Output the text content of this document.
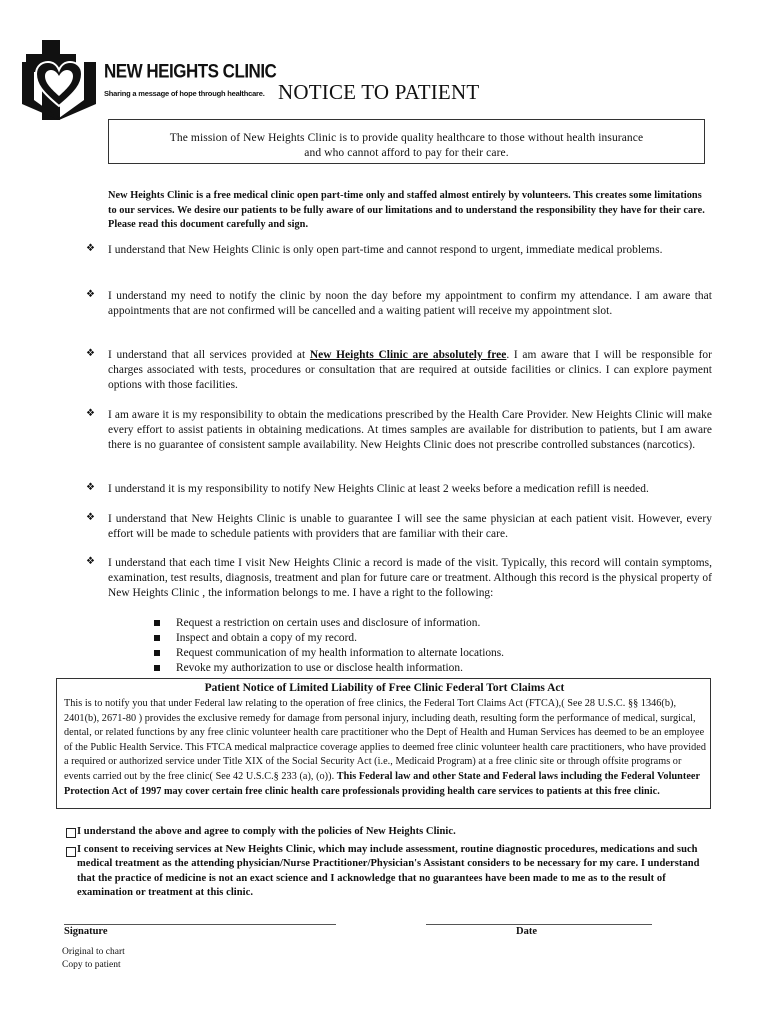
NEW HEIGHTS CLINIC
Sharing a message of hope through healthcare. NOTICE TO PATIENT
The mission of New Heights Clinic is to provide quality healthcare to those without health insurance
and who cannot afford to pay for their care.
New Heights Clinic is a free medical clinic open part-time only and staffed almost entirely by volunteers. This creates some limitations to our services. We desire our patients to be fully aware of our limitations and to understand the responsibility they have for their care. Please read this document carefully and sign.
❖	I understand that New Heights Clinic is only open part-time and cannot respond to urgent, immediate medical problems.
❖	I understand my need to notify the clinic by noon the day before my appointment to confirm my attendance. I am aware that appointments that are not confirmed will be cancelled and a waiting patient will receive my appointment slot.
❖	I understand that all services provided at New Heights Clinic are absolutely free. I am aware that I will be responsible for charges associated with tests, procedures or consultation that are required at outside facilities or clinics. I can explore payment options with those facilities.
❖	I am aware it is my responsibility to obtain the medications prescribed by the Health Care Provider. New Heights Clinic will make every effort to assist patients in obtaining medications. At times samples are available for distribution to patients, but I am aware there is no guarantee of consistent sample availability. New Heights Clinic does not prescribe controlled substances (narcotics).
❖	I understand it is my responsibility to notify New Heights Clinic at least 2 weeks before a medication refill is needed.
❖	I understand that New Heights Clinic is unable to guarantee I will see the same physician at each patient visit. However, every effort will be made to schedule patients with providers that are familiar with their care.
❖	I understand that each time I visit New Heights Clinic a record is made of the visit. Typically, this record will contain symptoms, examination, test results, diagnosis, treatment and plan for future care or treatment. Although this record is the physical property of New Heights Clinic , the information belongs to me. I have a right to the following:
Request a restriction on certain uses and disclosure of information.
Inspect and obtain a copy of my record.
Request communication of my health information to alternate locations.
Revoke my authorization to use or disclose health information.
Patient Notice of Limited Liability of Free Clinic Federal Tort Claims Act
This is to notify you that under Federal law relating to the operation of free clinics, the Federal Tort Claims Act (FTCA),( See 28 U.S.C. §§ 1346(b), 2401(b), 2671-80 ) provides the exclusive remedy for damage from personal injury, including death, resulting form the performance of medical, surgical, dental, or related functions by any free clinic volunteer health care practitioner who the Dept of Health and Human Services has deemed to be an employee of the Public Health Service. This FTCA medical malpractice coverage applies to deemed free clinic volunteer health care practitioners, who have provided a required or authorized service under Title XIX of the Social Security Act (i.e., Medicaid Program) at a free clinic site or through offsite programs or events carried out by the free clinic( See 42 U.S.C.§ 233 (a), (o)). This Federal law and other State and Federal laws including the Federal Volunteer Protection Act of 1997 may cover certain free clinic health care professionals providing health care services to patients at this free clinic.
I understand the above and agree to comply with the policies of New Heights Clinic.
I consent to receiving services at New Heights Clinic, which may include assessment, routine diagnostic procedures, medications and such medical treatment as the attending physician/Nurse Practitioner/Physician's Assistant considers to be necessary for my care. I understand that the practice of medicine is not an exact science and I acknowledge that no guarantees have been made to me as to the result of examination or treatment at this clinic.
Signature	Date
Original to chart
Copy to patient
